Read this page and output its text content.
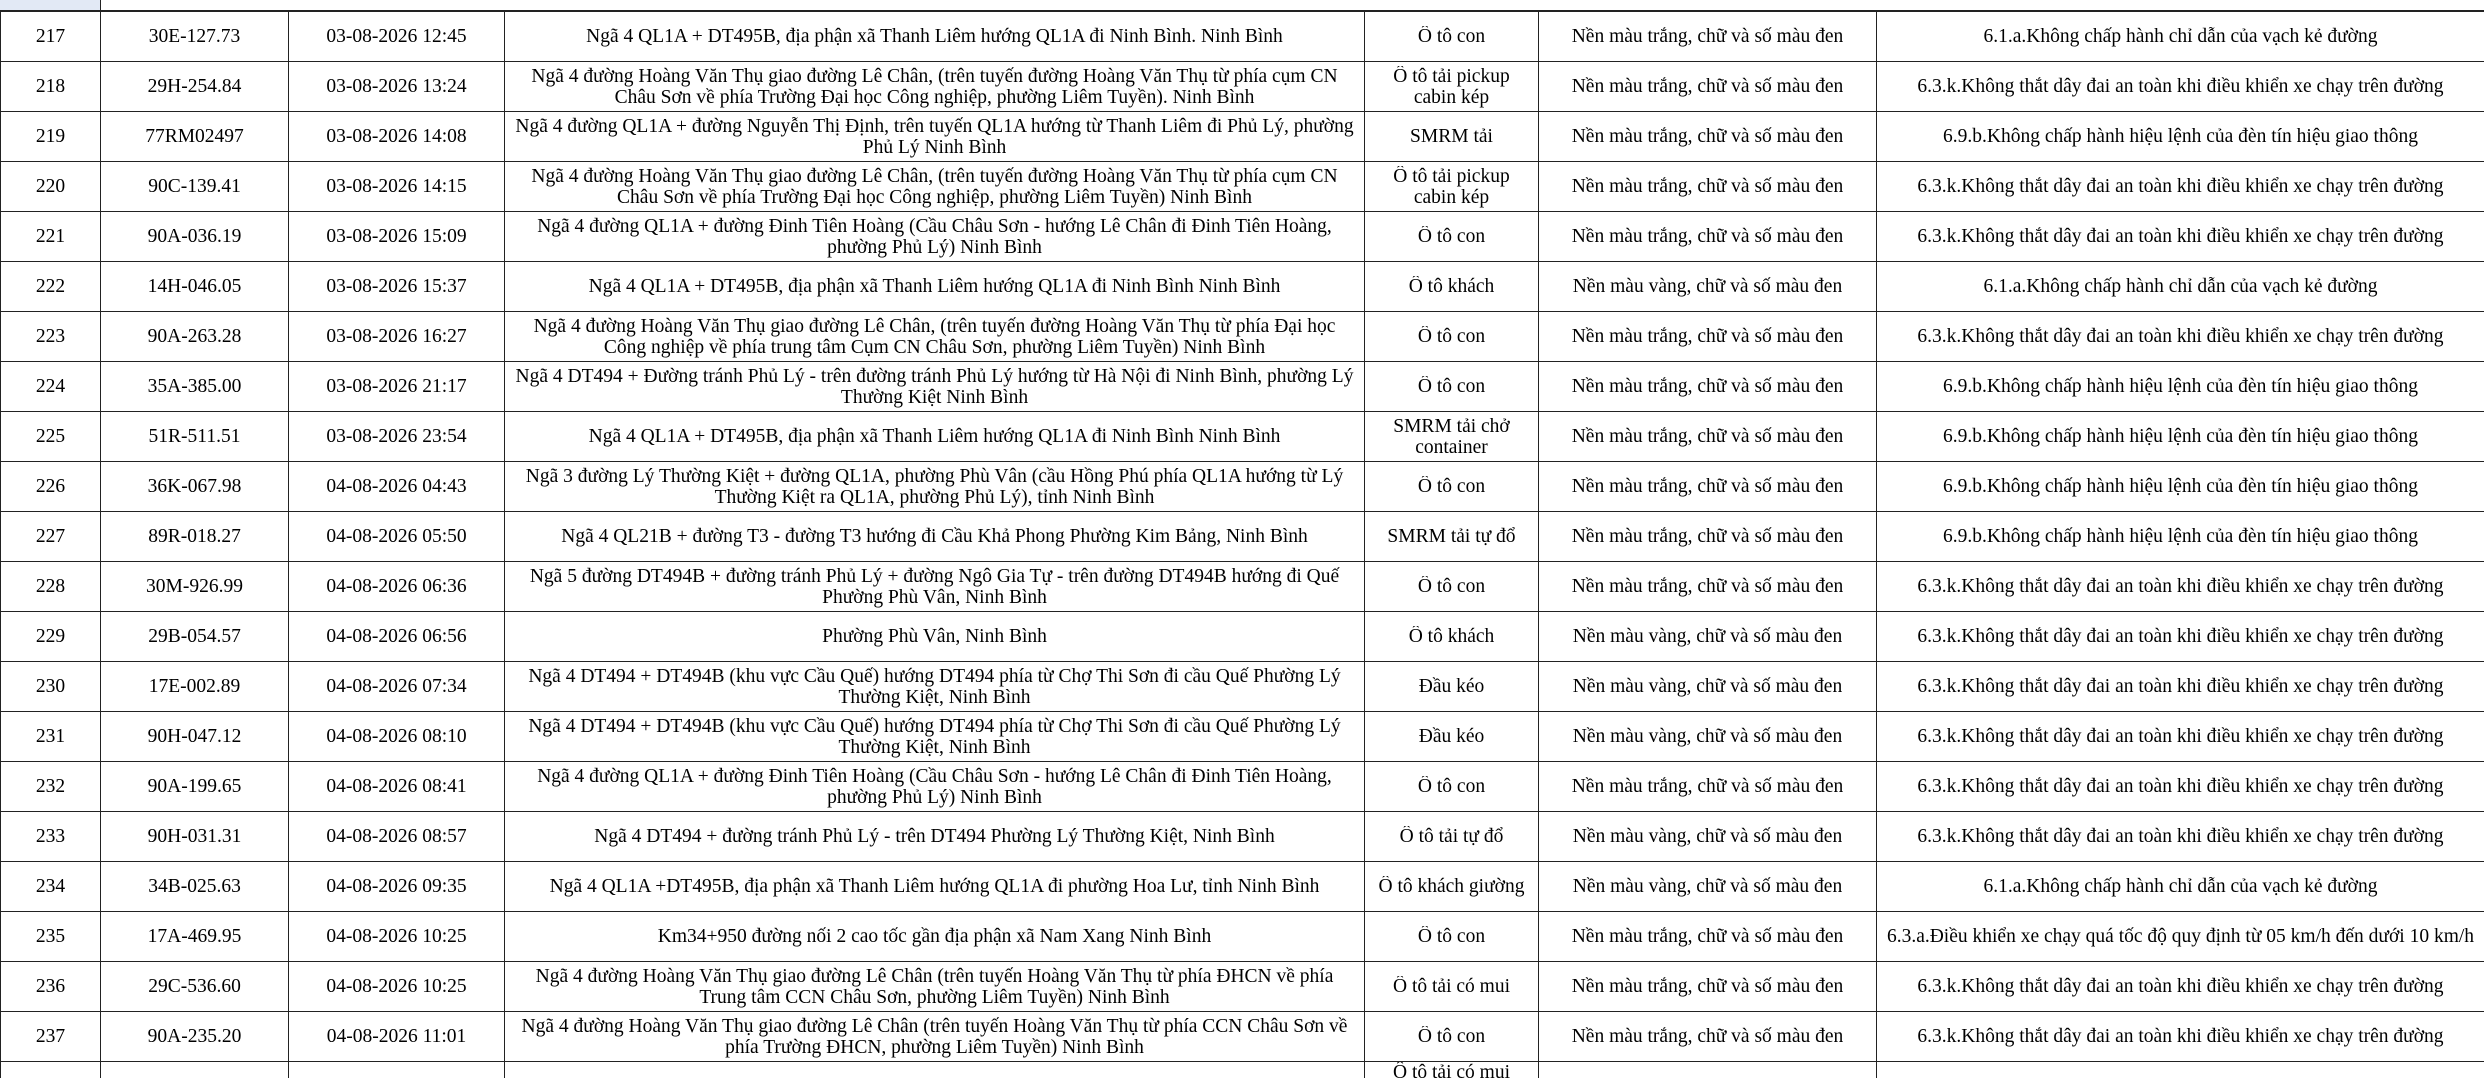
217	30E-127.73	03-08-2026 12:45	Ngã 4 QL1A + DT495B, địa phận xã Thanh Liêm hướng QL1A đi Ninh Bình. Ninh Bình	Ô tô con	Nền màu trắng, chữ và số màu đen	6.1.a.Không chấp hành chỉ dẫn của vạch kẻ đường
218	29H-254.84	03-08-2026 13:24	Ngã 4 đường Hoàng Văn Thụ giao đường Lê Chân, (trên tuyến đường Hoàng Văn Thụ từ phía cụm CN Châu Sơn về phía Trường Đại học Công nghiệp, phường Liêm Tuyền). Ninh Bình	Ô tô tải pickup cabin kép	Nền màu trắng, chữ và số màu đen	6.3.k.Không thắt dây đai an toàn khi điều khiển xe chạy trên đường
219	77RM02497	03-08-2026 14:08	Ngã 4 đường QL1A + đường Nguyễn Thị Định, trên tuyến QL1A hướng từ Thanh Liêm đi Phủ Lý, phường Phủ Lý Ninh Bình	SMRM tải	Nền màu trắng, chữ và số màu đen	6.9.b.Không chấp hành hiệu lệnh của đèn tín hiệu giao thông
220	90C-139.41	03-08-2026 14:15	Ngã 4 đường Hoàng Văn Thụ giao đường Lê Chân, (trên tuyến đường Hoàng Văn Thụ từ phía cụm CN Châu Sơn về phía Trường Đại học Công nghiệp, phường Liêm Tuyền) Ninh Bình	Ô tô tải pickup cabin kép	Nền màu trắng, chữ và số màu đen	6.3.k.Không thắt dây đai an toàn khi điều khiển xe chạy trên đường
221	90A-036.19	03-08-2026 15:09	Ngã 4 đường QL1A + đường Đinh Tiên Hoàng (Cầu Châu Sơn - hướng Lê Chân đi Đinh Tiên Hoàng, phường Phủ Lý) Ninh Bình	Ô tô con	Nền màu trắng, chữ và số màu đen	6.3.k.Không thắt dây đai an toàn khi điều khiển xe chạy trên đường
222	14H-046.05	03-08-2026 15:37	Ngã 4 QL1A + DT495B, địa phận xã Thanh Liêm hướng QL1A đi Ninh Bình Ninh Bình	Ô tô khách	Nền màu vàng, chữ và số màu đen	6.1.a.Không chấp hành chỉ dẫn của vạch kẻ đường
223	90A-263.28	03-08-2026 16:27	Ngã 4 đường Hoàng Văn Thụ giao đường Lê Chân, (trên tuyến đường Hoàng Văn Thụ từ phía Đại học Công nghiệp về phía trung tâm Cụm CN Châu Sơn, phường Liêm Tuyền) Ninh Bình	Ô tô con	Nền màu trắng, chữ và số màu đen	6.3.k.Không thắt dây đai an toàn khi điều khiển xe chạy trên đường
224	35A-385.00	03-08-2026 21:17	Ngã 4 DT494 + Đường tránh Phủ Lý - trên đường tránh Phủ Lý hướng từ Hà Nội đi Ninh Bình, phường Lý Thường Kiệt Ninh Bình	Ô tô con	Nền màu trắng, chữ và số màu đen	6.9.b.Không chấp hành hiệu lệnh của đèn tín hiệu giao thông
225	51R-511.51	03-08-2026 23:54	Ngã 4 QL1A + DT495B, địa phận xã Thanh Liêm hướng QL1A đi Ninh Bình Ninh Bình	SMRM tải chở container	Nền màu trắng, chữ và số màu đen	6.9.b.Không chấp hành hiệu lệnh của đèn tín hiệu giao thông
226	36K-067.98	04-08-2026 04:43	Ngã 3 đường Lý Thường Kiệt + đường QL1A, phường Phù Vân (cầu Hồng Phú phía QL1A hướng từ Lý Thường Kiệt ra QL1A, phường Phủ Lý), tỉnh Ninh Bình	Ô tô con	Nền màu trắng, chữ và số màu đen	6.9.b.Không chấp hành hiệu lệnh của đèn tín hiệu giao thông
227	89R-018.27	04-08-2026 05:50	Ngã 4 QL21B + đường T3 - đường T3 hướng đi Cầu Khả Phong Phường Kim Bảng, Ninh Bình	SMRM tải tự đổ	Nền màu trắng, chữ và số màu đen	6.9.b.Không chấp hành hiệu lệnh của đèn tín hiệu giao thông
228	30M-926.99	04-08-2026 06:36	Ngã 5 đường DT494B + đường tránh Phủ Lý + đường Ngô Gia Tự - trên đường DT494B hướng đi Quế Phường Phù Vân, Ninh Bình	Ô tô con	Nền màu trắng, chữ và số màu đen	6.3.k.Không thắt dây đai an toàn khi điều khiển xe chạy trên đường
229	29B-054.57	04-08-2026 06:56	Phường Phù Vân, Ninh Bình	Ô tô khách	Nền màu vàng, chữ và số màu đen	6.3.k.Không thắt dây đai an toàn khi điều khiển xe chạy trên đường
230	17E-002.89	04-08-2026 07:34	Ngã 4 DT494 + DT494B (khu vực Cầu Quế) hướng DT494 phía từ Chợ Thi Sơn đi cầu Quế Phường Lý Thường Kiệt, Ninh Bình	Đầu kéo	Nền màu vàng, chữ và số màu đen	6.3.k.Không thắt dây đai an toàn khi điều khiển xe chạy trên đường
231	90H-047.12	04-08-2026 08:10	Ngã 4 DT494 + DT494B (khu vực Cầu Quế) hướng DT494 phía từ Chợ Thi Sơn đi cầu Quế Phường Lý Thường Kiệt, Ninh Bình	Đầu kéo	Nền màu vàng, chữ và số màu đen	6.3.k.Không thắt dây đai an toàn khi điều khiển xe chạy trên đường
232	90A-199.65	04-08-2026 08:41	Ngã 4 đường QL1A + đường Đinh Tiên Hoàng (Cầu Châu Sơn - hướng Lê Chân đi Đinh Tiên Hoàng, phường Phủ Lý) Ninh Bình	Ô tô con	Nền màu trắng, chữ và số màu đen	6.3.k.Không thắt dây đai an toàn khi điều khiển xe chạy trên đường
233	90H-031.31	04-08-2026 08:57	Ngã 4 DT494 + đường tránh Phủ Lý - trên DT494 Phường Lý Thường Kiệt, Ninh Bình	Ô tô tải tự đổ	Nền màu vàng, chữ và số màu đen	6.3.k.Không thắt dây đai an toàn khi điều khiển xe chạy trên đường
234	34B-025.63	04-08-2026 09:35	Ngã 4 QL1A +DT495B, địa phận xã Thanh Liêm hướng QL1A đi phường Hoa Lư, tỉnh Ninh Bình	Ô tô khách giường	Nền màu vàng, chữ và số màu đen	6.1.a.Không chấp hành chỉ dẫn của vạch kẻ đường
235	17A-469.95	04-08-2026 10:25	Km34+950 đường nối 2 cao tốc gần địa phận xã Nam Xang Ninh Bình	Ô tô con	Nền màu trắng, chữ và số màu đen	6.3.a.Điều khiển xe chạy quá tốc độ quy định từ 05 km/h đến dưới 10 km/h
236	29C-536.60	04-08-2026 10:25	Ngã 4 đường Hoàng Văn Thụ giao đường Lê Chân (trên tuyến Hoàng Văn Thụ từ phía ĐHCN về phía Trung tâm CCN Châu Sơn, phường Liêm Tuyền) Ninh Bình	Ô tô tải có mui	Nền màu trắng, chữ và số màu đen	6.3.k.Không thắt dây đai an toàn khi điều khiển xe chạy trên đường
237	90A-235.20	04-08-2026 11:01	Ngã 4 đường Hoàng Văn Thụ giao đường Lê Chân (trên tuyến Hoàng Văn Thụ từ phía CCN Châu Sơn về phía Trường ĐHCN, phường Liêm Tuyền) Ninh Bình	Ô tô con	Nền màu trắng, chữ và số màu đen	6.3.k.Không thắt dây đai an toàn khi điều khiển xe chạy trên đường
				Ô tô tải có mui		
